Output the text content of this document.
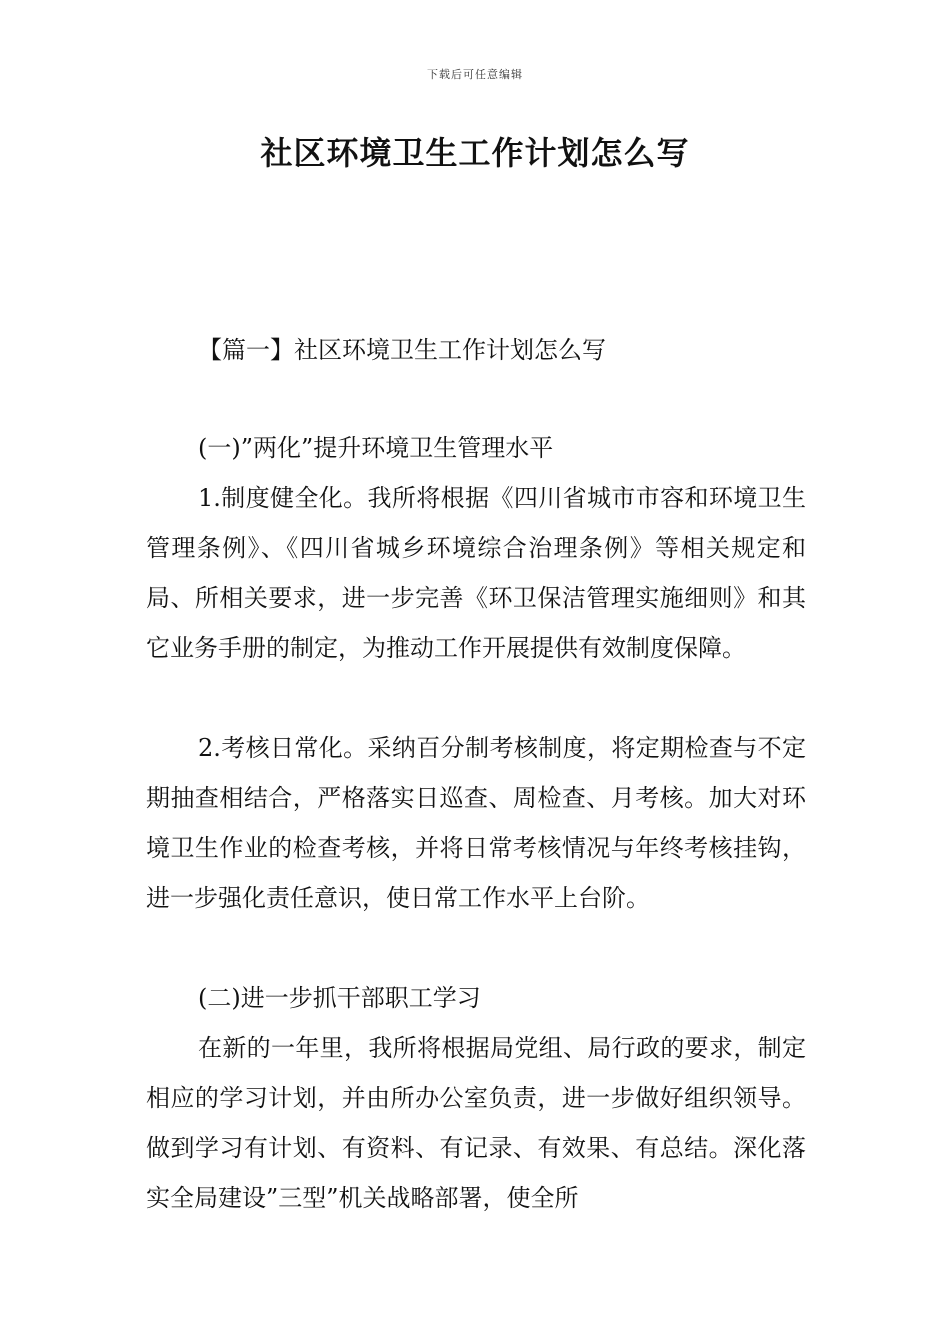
下载后可任意编辑
社区环境卫生工作计划怎么写

【篇一】社区环境卫生工作计划怎么写

(一)”两化”提升环境卫生管理水平

1.制度健全化。我所将根据《四川省城市市容和环境卫生管理条例》、《四川省城乡环境综合治理条例》等相关规定和局、所相关要求，进一步完善《环卫保洁管理实施细则》和其它业务手册的制定，为推动工作开展提供有效制度保障。

2.考核日常化。采纳百分制考核制度，将定期检查与不定期抽查相结合，严格落实日巡查、周检查、月考核。加大对环境卫生作业的检查考核，并将日常考核情况与年终考核挂钩，进一步强化责任意识，使日常工作水平上台阶。

(二)进一步抓干部职工学习

在新的一年里，我所将根据局党组、局行政的要求，制定相应的学习计划，并由所办公室负责，进一步做好组织领导。做到学习有计划、有资料、有记录、有效果、有总结。深化落实全局建设”三型”机关战略部署，使全所
